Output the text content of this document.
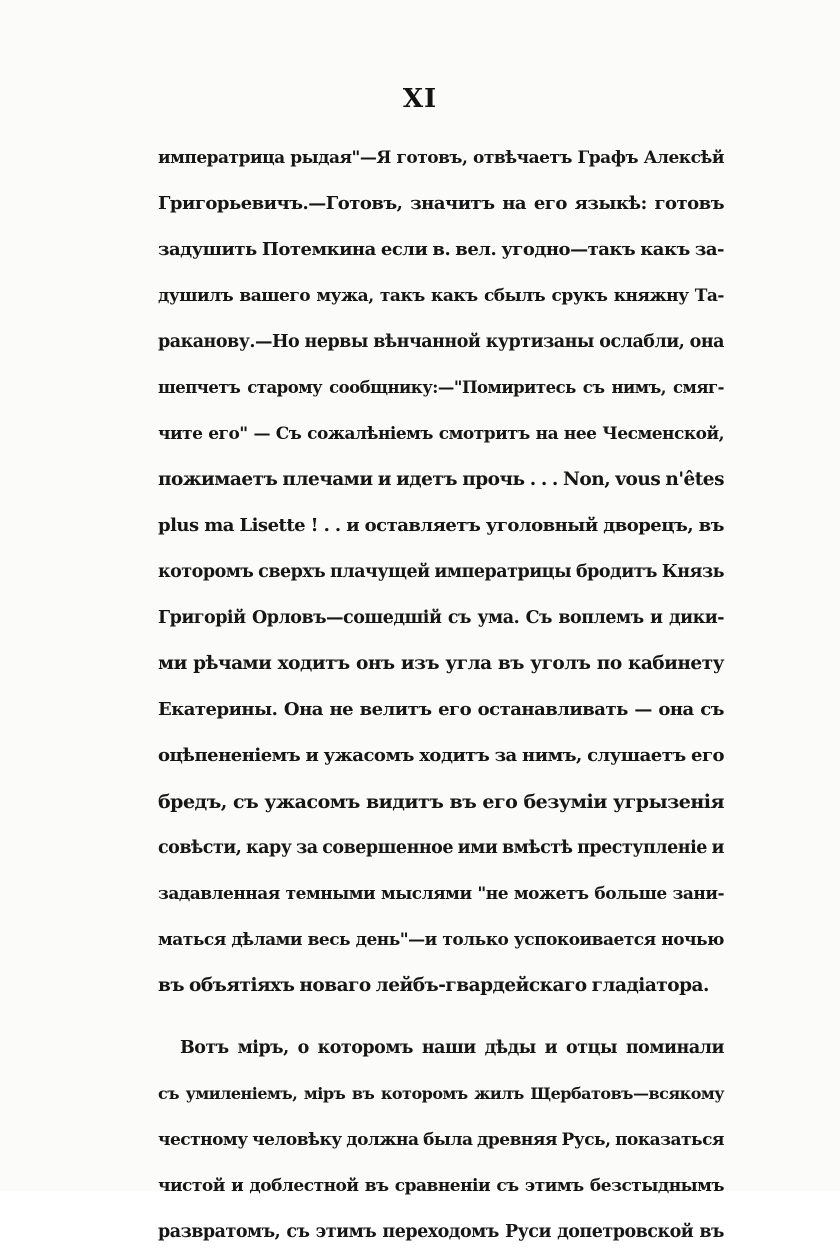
XI
императрица рыдая"—Я готовъ, отвѣчаетъ Графъ Алексѣй
Григорьевичъ.—Готовъ, значитъ на его языкѣ: готовъ
задушить Потемкина если в. вел. угодно—такъ какъ за-
душилъ вашего мужа, такъ какъ сбылъ срукъ княжну Та-
раканову.—Но нервы вѣнчанной куртизаны ослабли, она
шепчетъ старому сообщнику:—"Помиритесь съ нимъ, смяг-
чите его" — Съ сожалѣніемъ смотритъ на нее Чесменской,
пожимаетъ плечами и идетъ прочь . . . Non, vous n'êtes
plus ma Lisette ! . . и оставляетъ уголовный дворецъ, въ
которомъ сверхъ плачущей императрицы бродитъ Князь
Григорій Орловъ—сошедшій съ ума. Съ воплемъ и дики-
ми рѣчами ходитъ онъ изъ угла въ уголъ по кабинету
Екатерины. Она не велитъ его останавливать — она съ
оцѣпененіемъ и ужасомъ ходитъ за нимъ, слушаетъ его
бредъ, съ ужасомъ видитъ въ его безуміи угрызенія
совѣсти, кару за совершенное ими вмѣстѣ преступленіе и
задавленная темными мыслями "не можетъ больше зани-
маться дѣлами весь день"—и только успокоивается ночью
въ объятіяхъ новаго лейбъ-гвардейскаго гладіатора.
Вотъ міръ, о которомъ наши дѣды и отцы поминали
съ умиленіемъ, міръ въ которомъ жилъ Щербатовъ—всякому
честному человѣку должна была древняя Русь, показаться
чистой и доблестной въ сравненіи съ этимъ безстыднымъ
развратомъ, съ этимъ переходомъ Руси допетровской въ
